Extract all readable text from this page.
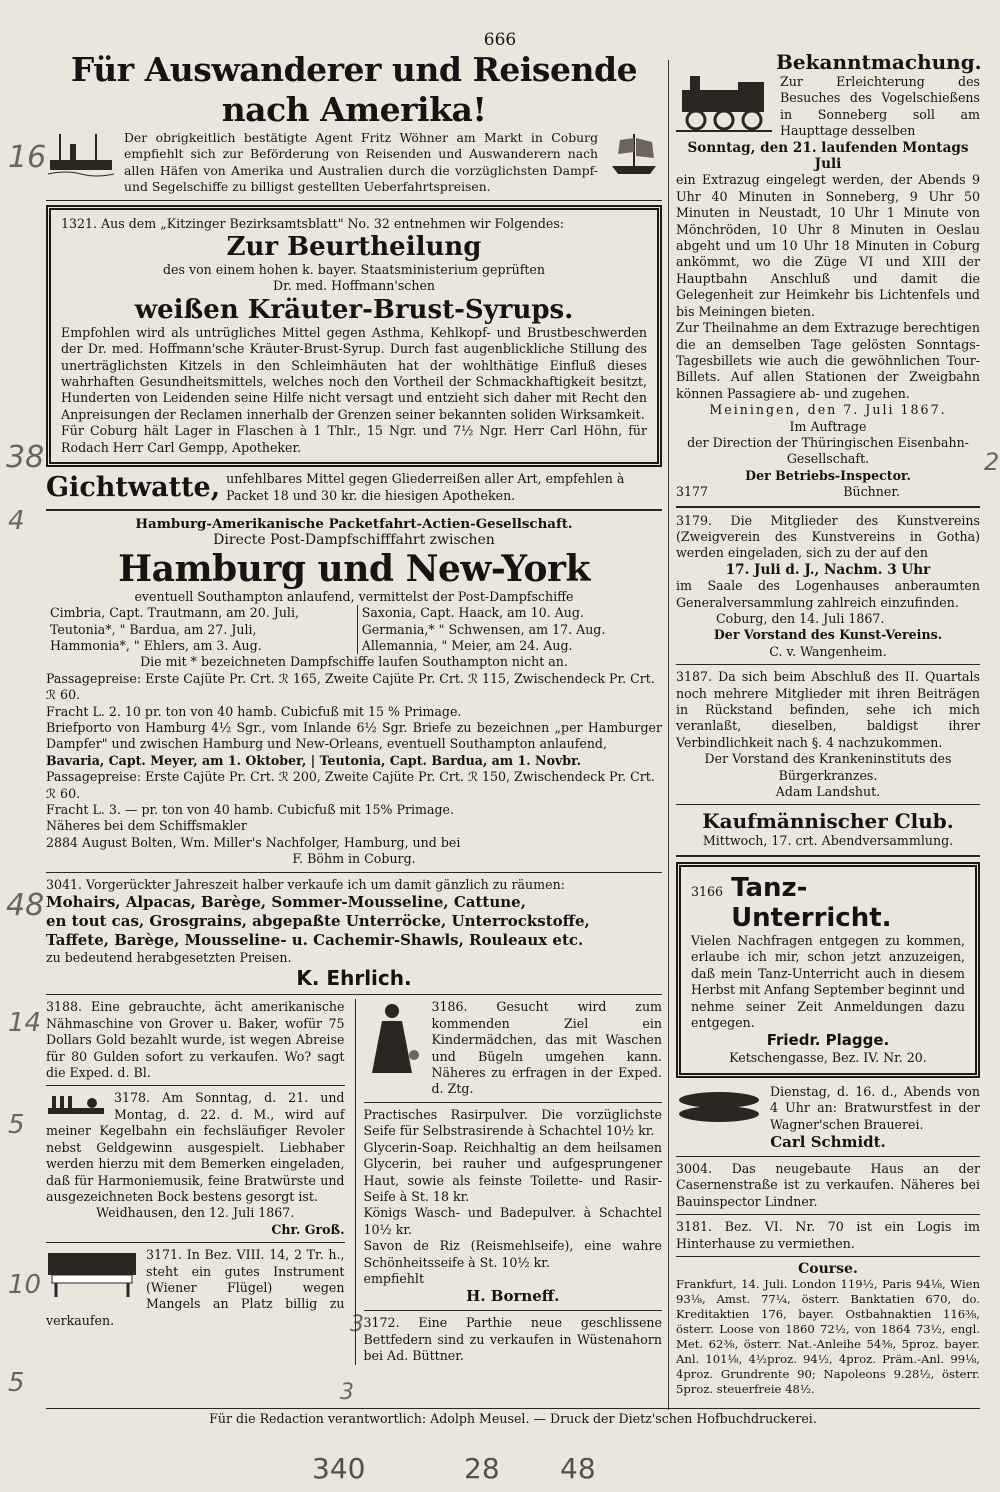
666
16
38
4
48
14
5
10
5
3
3
2
Für Auswanderer und Reisende nach Amerika!
Der obrigkeitlich bestätigte Agent Fritz Wöhner am Markt in Coburg empfiehlt sich zur Beförderung von Reisenden und Auswanderern nach allen Häfen von Amerika und Australien durch die vorzüglichsten Dampf- und Segelschiffe zu billigst gestellten Ueberfahrtspreisen.
1321. Aus dem „Kitzinger Bezirksamtsblatt" No. 32 entnehmen wir Folgendes:
Zur Beurtheilung
des von einem hohen k. bayer. Staatsministerium geprüften
Dr. med. Hoffmann'schen
weißen Kräuter-Brust-Syrups.
Empfohlen wird als untrügliches Mittel gegen Asthma, Kehlkopf- und Brustbeschwerden der Dr. med. Hoffmann'sche Kräuter-Brust-Syrup. Durch fast augenblickliche Stillung des unerträglichsten Kitzels in den Schleimhäuten hat der wohlthätige Einfluß dieses wahrhaften Gesundheitsmittels, welches noch den Vortheil der Schmackhaftigkeit besitzt, Hunderten von Leidenden seine Hilfe nicht versagt und entzieht sich daher mit Recht den Anpreisungen der Reclamen innerhalb der Grenzen seiner bekannten soliden Wirksamkeit.
Für Coburg hält Lager in Flaschen à 1 Thlr., 15 Ngr. und 7½ Ngr. Herr Carl Höhn, für Rodach Herr Carl Gempp, Apotheker.
Gichtwatte, unfehlbares Mittel gegen Gliederreißen aller Art, empfehlen à Packet 18 und 30 kr. die hiesigen Apotheken.
Hamburg-Amerikanische Packetfahrt-Actien-Gesellschaft.
Directe Post-Dampfschifffahrt zwischen
Hamburg und New-York
eventuell Southampton anlaufend, vermittelst der Post-Dampfschiffe
Cimbria, Capt. Trautmann, am 20. Juli,	Saxonia, Capt. Haack, am 10. Aug.
Teutonia*, " Bardua, am 27. Juli,	Germania,* " Schwensen, am 17. Aug.
Hammonia*, " Ehlers, am 3. Aug.	Allemannia, " Meier, am 24. Aug.
Die mit * bezeichneten Dampfschiffe laufen Southampton nicht an.
Passagepreise: Erste Cajüte Pr. Crt. ℛ 165, Zweite Cajüte Pr. Crt. ℛ 115, Zwischendeck Pr. Crt. ℛ 60.
Fracht L. 2. 10 pr. ton von 40 hamb. Cubicfuß mit 15 % Primage.
Briefporto von Hamburg 4½ Sgr., vom Inlande 6½ Sgr. Briefe zu bezeichnen „per Hamburger Dampfer" und zwischen Hamburg und New-Orleans, eventuell Southampton anlaufend,
Bavaria, Capt. Meyer, am 1. Oktober, | Teutonia, Capt. Bardua, am 1. Novbr.
Passagepreise: Erste Cajüte Pr. Crt. ℛ 200, Zweite Cajüte Pr. Crt. ℛ 150, Zwischendeck Pr. Crt. ℛ 60.
Fracht L. 3. — pr. ton von 40 hamb. Cubicfuß mit 15% Primage.
Näheres bei dem Schiffsmakler
2884 August Bolten, Wm. Miller's Nachfolger, Hamburg, und bei
F. Böhm in Coburg.
3041. Vorgerückter Jahreszeit halber verkaufe ich um damit gänzlich zu räumen:
Mohairs, Alpacas, Barège, Sommer-Mousseline, Cattune,
en tout cas, Grosgrains, abgepaßte Unterröcke, Unterrockstoffe,
Taffete, Barège, Mousseline- u. Cachemir-Shawls, Rouleaux etc.
zu bedeutend herabgesetzten Preisen.
K. Ehrlich.
3188. Eine gebrauchte, ächt amerikanische Nähmaschine von Grover u. Baker, wofür 75 Dollars Gold bezahlt wurde, ist wegen Abreise für 80 Gulden sofort zu verkaufen. Wo? sagt die Exped. d. Bl.
3178. Am Sonntag, d. 21. und Montag, d. 22. d. M., wird auf meiner Kegelbahn ein fechsläufiger Revoler nebst Geldgewinn ausgespielt. Liebhaber werden hierzu mit dem Bemerken eingeladen, daß für Harmoniemusik, feine Bratwürste und ausgezeichneten Bock bestens gesorgt ist.
Weidhausen, den 12. Juli 1867.
Chr. Groß.
3171. In Bez. VIII. 14, 2 Tr. h., steht ein gutes Instrument (Wiener Flügel) wegen Mangels an Platz billig zu verkaufen.
3186. Gesucht wird zum kommenden Ziel ein Kindermädchen, das mit Waschen und Bügeln umgehen kann. Näheres zu erfragen in der Exped. d. Ztg.
Practisches Rasirpulver. Die vorzüglichste Seife für Selbstrasirende à Schachtel 10½ kr.
Glycerin-Soap. Reichhaltig an dem heilsamen Glycerin, bei rauher und aufgesprungener Haut, sowie als feinste Toilette- und Rasir-Seife à St. 18 kr.
Königs Wasch- und Badepulver. à Schachtel 10½ kr.
Savon de Riz (Reismehlseife), eine wahre Schönheitsseife à St. 10½ kr.
empfiehlt
H. Borneff.
3172. Eine Parthie neue geschlissene Bettfedern sind zu verkaufen in Wüstenahorn bei Ad. Büttner.
Bekanntmachung.
Zur Erleichterung des Besuches des Vogelschießens in Sonneberg soll am Haupttage desselben
Sonntag, den 21. laufenden Montags Juli
ein Extrazug eingelegt werden, der Abends 9 Uhr 40 Minuten in Sonneberg, 9 Uhr 50 Minuten in Neustadt, 10 Uhr 1 Minute von Mönchröden, 10 Uhr 8 Minuten in Oeslau abgeht und um 10 Uhr 18 Minuten in Coburg ankömmt, wo die Züge VI und XIII der Hauptbahn Anschluß und damit die Gelegenheit zur Heimkehr bis Lichtenfels und bis Meiningen bieten.
Zur Theilnahme an dem Extrazuge berechtigen die an demselben Tage gelösten Sonntags-Tagesbillets wie auch die gewöhnlichen Tour-Billets. Auf allen Stationen der Zweigbahn können Passagiere ab- und zugehen.
Meiningen, den 7. Juli 1867.
Im Auftrage
der Direction der Thüringischen Eisenbahn-Gesellschaft.
Der Betriebs-Inspector.
3177	Büchner.
3179. Die Mitglieder des Kunstvereins (Zweigverein des Kunstvereins in Gotha) werden eingeladen, sich zu der auf den
17. Juli d. J., Nachm. 3 Uhr
im Saale des Logenhauses anberaumten Generalversammlung zahlreich einzufinden.
Coburg, den 14. Juli 1867.
Der Vorstand des Kunst-Vereins.
C. v. Wangenheim.
3187. Da sich beim Abschluß des II. Quartals noch mehrere Mitglieder mit ihren Beiträgen in Rückstand befinden, sehe ich mich veranlaßt, dieselben, baldigst ihrer Verbindlichkeit nach §. 4 nachzukommen.
Der Vorstand des Krankeninstituts des Bürgerkranzes.
Adam Landshut.
Kaufmännischer Club.
Mittwoch, 17. crt. Abendversammlung.
3166 Tanz-Unterricht.
Vielen Nachfragen entgegen zu kommen, erlaube ich mir, schon jetzt anzuzeigen, daß mein Tanz-Unterricht auch in diesem Herbst mit Anfang September beginnt und nehme seiner Zeit Anmeldungen dazu entgegen.
Friedr. Plagge.
Ketschengasse, Bez. IV. Nr. 20.
Dienstag, d. 16. d., Abends von 4 Uhr an: Bratwurstfest in der Wagner'schen Brauerei.
Carl Schmidt.
3004. Das neugebaute Haus an der Casernenstraße ist zu verkaufen. Näheres bei Bauinspector Lindner.
3181. Bez. VI. Nr. 70 ist ein Logis im Hinterhause zu vermiethen.
Course.
Frankfurt, 14. Juli. London 119½, Paris 94⅛, Wien 93⅛, Amst. 77¼, österr. Banktatien 670, do. Kreditaktien 176, bayer. Ostbahnaktien 116⅜, österr. Loose von 1860 72½, von 1864 73½, engl. Met. 62⅜, österr. Nat.-Anleihe 54⅜, 5proz. bayer. Anl. 101⅛, 4½proz. 94½, 4proz. Präm.-Anl. 99⅛, 4proz. Grundrente 90; Napoleons 9.28½, österr. 5proz. steuerfreie 48½.
Für die Redaction verantwortlich: Adolph Meusel. — Druck der Dietz'schen Hofbuchdruckerei.
340	28 48
